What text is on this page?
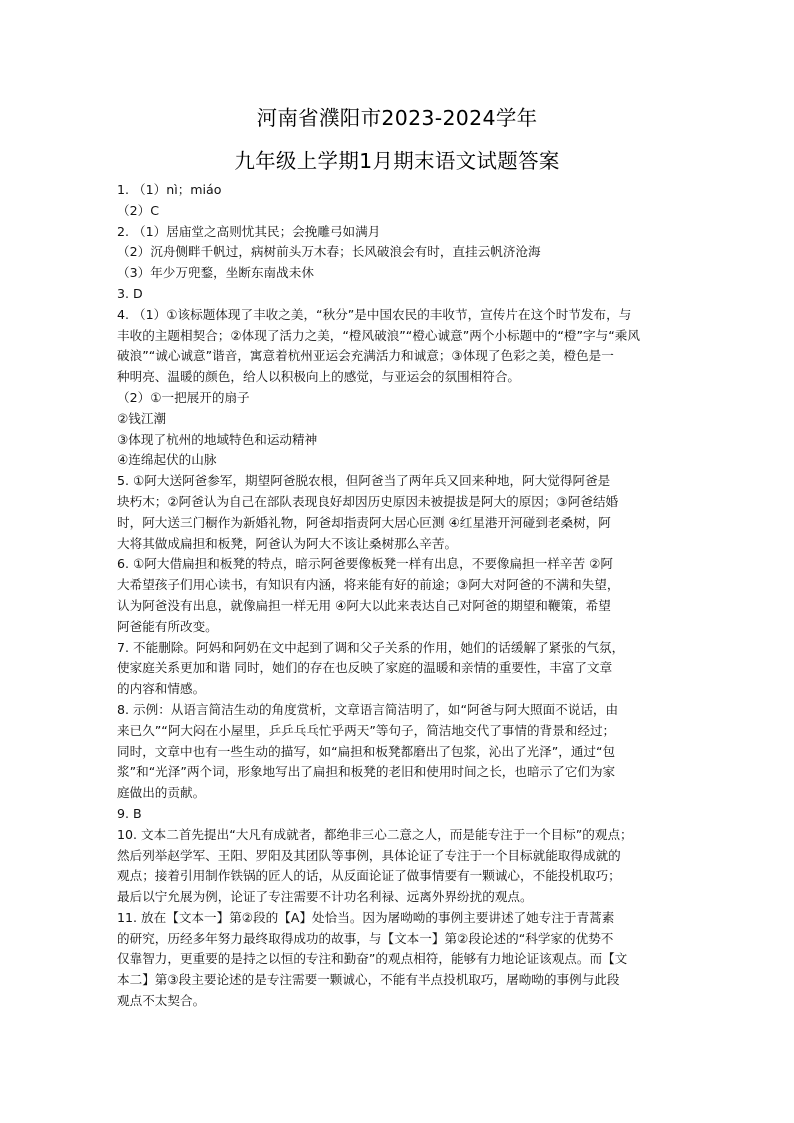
河南省濮阳市2023-2024学年
九年级上学期1月期末语文试题答案
1. （1）nì；miáo
（2）C
2. （1）居庙堂之高则忧其民；会挽雕弓如满月
（2）沉舟侧畔千帆过，病树前头万木春；长风破浪会有时，直挂云帆济沧海
（3）年少万兜鍪，坐断东南战未休
3. D
4. （1）①该标题体现了丰收之美，“秋分”是中国农民的丰收节，宣传片在这个时节发布，与
丰收的主题相契合；②体现了活力之美，“橙风破浪”“橙心诚意”两个小标题中的“橙”字与“乘风
破浪”“诚心诚意”谐音，寓意着杭州亚运会充满活力和诚意；③体现了色彩之美，橙色是一
种明亮、温暖的颜色，给人以积极向上的感觉，与亚运会的氛围相符合。
（2）①一把展开的扇子
②钱江潮
③体现了杭州的地域特色和运动精神
④连绵起伏的山脉
5. ①阿大送阿爸参军，期望阿爸脱农根，但阿爸当了两年兵又回来种地，阿大觉得阿爸是
块朽木；②阿爸认为自己在部队表现良好却因历史原因未被提拔是阿大的原因；③阿爸结婚
时，阿大送三门橱作为新婚礼物，阿爸却指责阿大居心叵测 ④红星港开河碰到老桑树，阿
大将其做成扁担和板凳，阿爸认为阿大不该让桑树那么辛苦。
6. ①阿大借扁担和板凳的特点，暗示阿爸要像板凳一样有出息，不要像扁担一样辛苦 ②阿
大希望孩子们用心读书，有知识有内涵，将来能有好的前途；③阿大对阿爸的不满和失望，
认为阿爸没有出息，就像扁担一样无用 ④阿大以此来表达自己对阿爸的期望和鞭策，希望
阿爸能有所改变。
7. 不能删除。阿妈和阿奶在文中起到了调和父子关系的作用，她们的话缓解了紧张的气氛，
使家庭关系更加和谐 同时，她们的存在也反映了家庭的温暖和亲情的重要性，丰富了文章
的内容和情感。
8. 示例：从语言简洁生动的角度赏析，文章语言简洁明了，如“阿爸与阿大照面不说话，由
来已久”“阿大闷在小屋里，乒乒乓乓忙乎两天”等句子，简洁地交代了事情的背景和经过；
同时，文章中也有一些生动的描写，如“扁担和板凳都磨出了包浆，沁出了光泽”，通过“包
浆”和“光泽”两个词，形象地写出了扁担和板凳的老旧和使用时间之长，也暗示了它们为家
庭做出的贡献。
9. B
10. 文本二首先提出“大凡有成就者，都绝非三心二意之人，而是能专注于一个目标”的观点；
然后列举赵学军、王阳、罗阳及其团队等事例，具体论证了专注于一个目标就能取得成就的
观点；接着引用制作铁锅的匠人的话，从反面论证了做事情要有一颗诚心，不能投机取巧；
最后以宁允展为例，论证了专注需要不计功名利禄、远离外界纷扰的观点。
11. 放在【文本一】第②段的【A】处恰当。因为屠呦呦的事例主要讲述了她专注于青蒿素
的研究，历经多年努力最终取得成功的故事，与【文本一】第②段论述的“科学家的优势不
仅靠智力，更重要的是持之以恒的专注和勤奋”的观点相符，能够有力地论证该观点。而【文
本二】第③段主要论述的是专注需要一颗诚心，不能有半点投机取巧，屠呦呦的事例与此段
观点不太契合。
